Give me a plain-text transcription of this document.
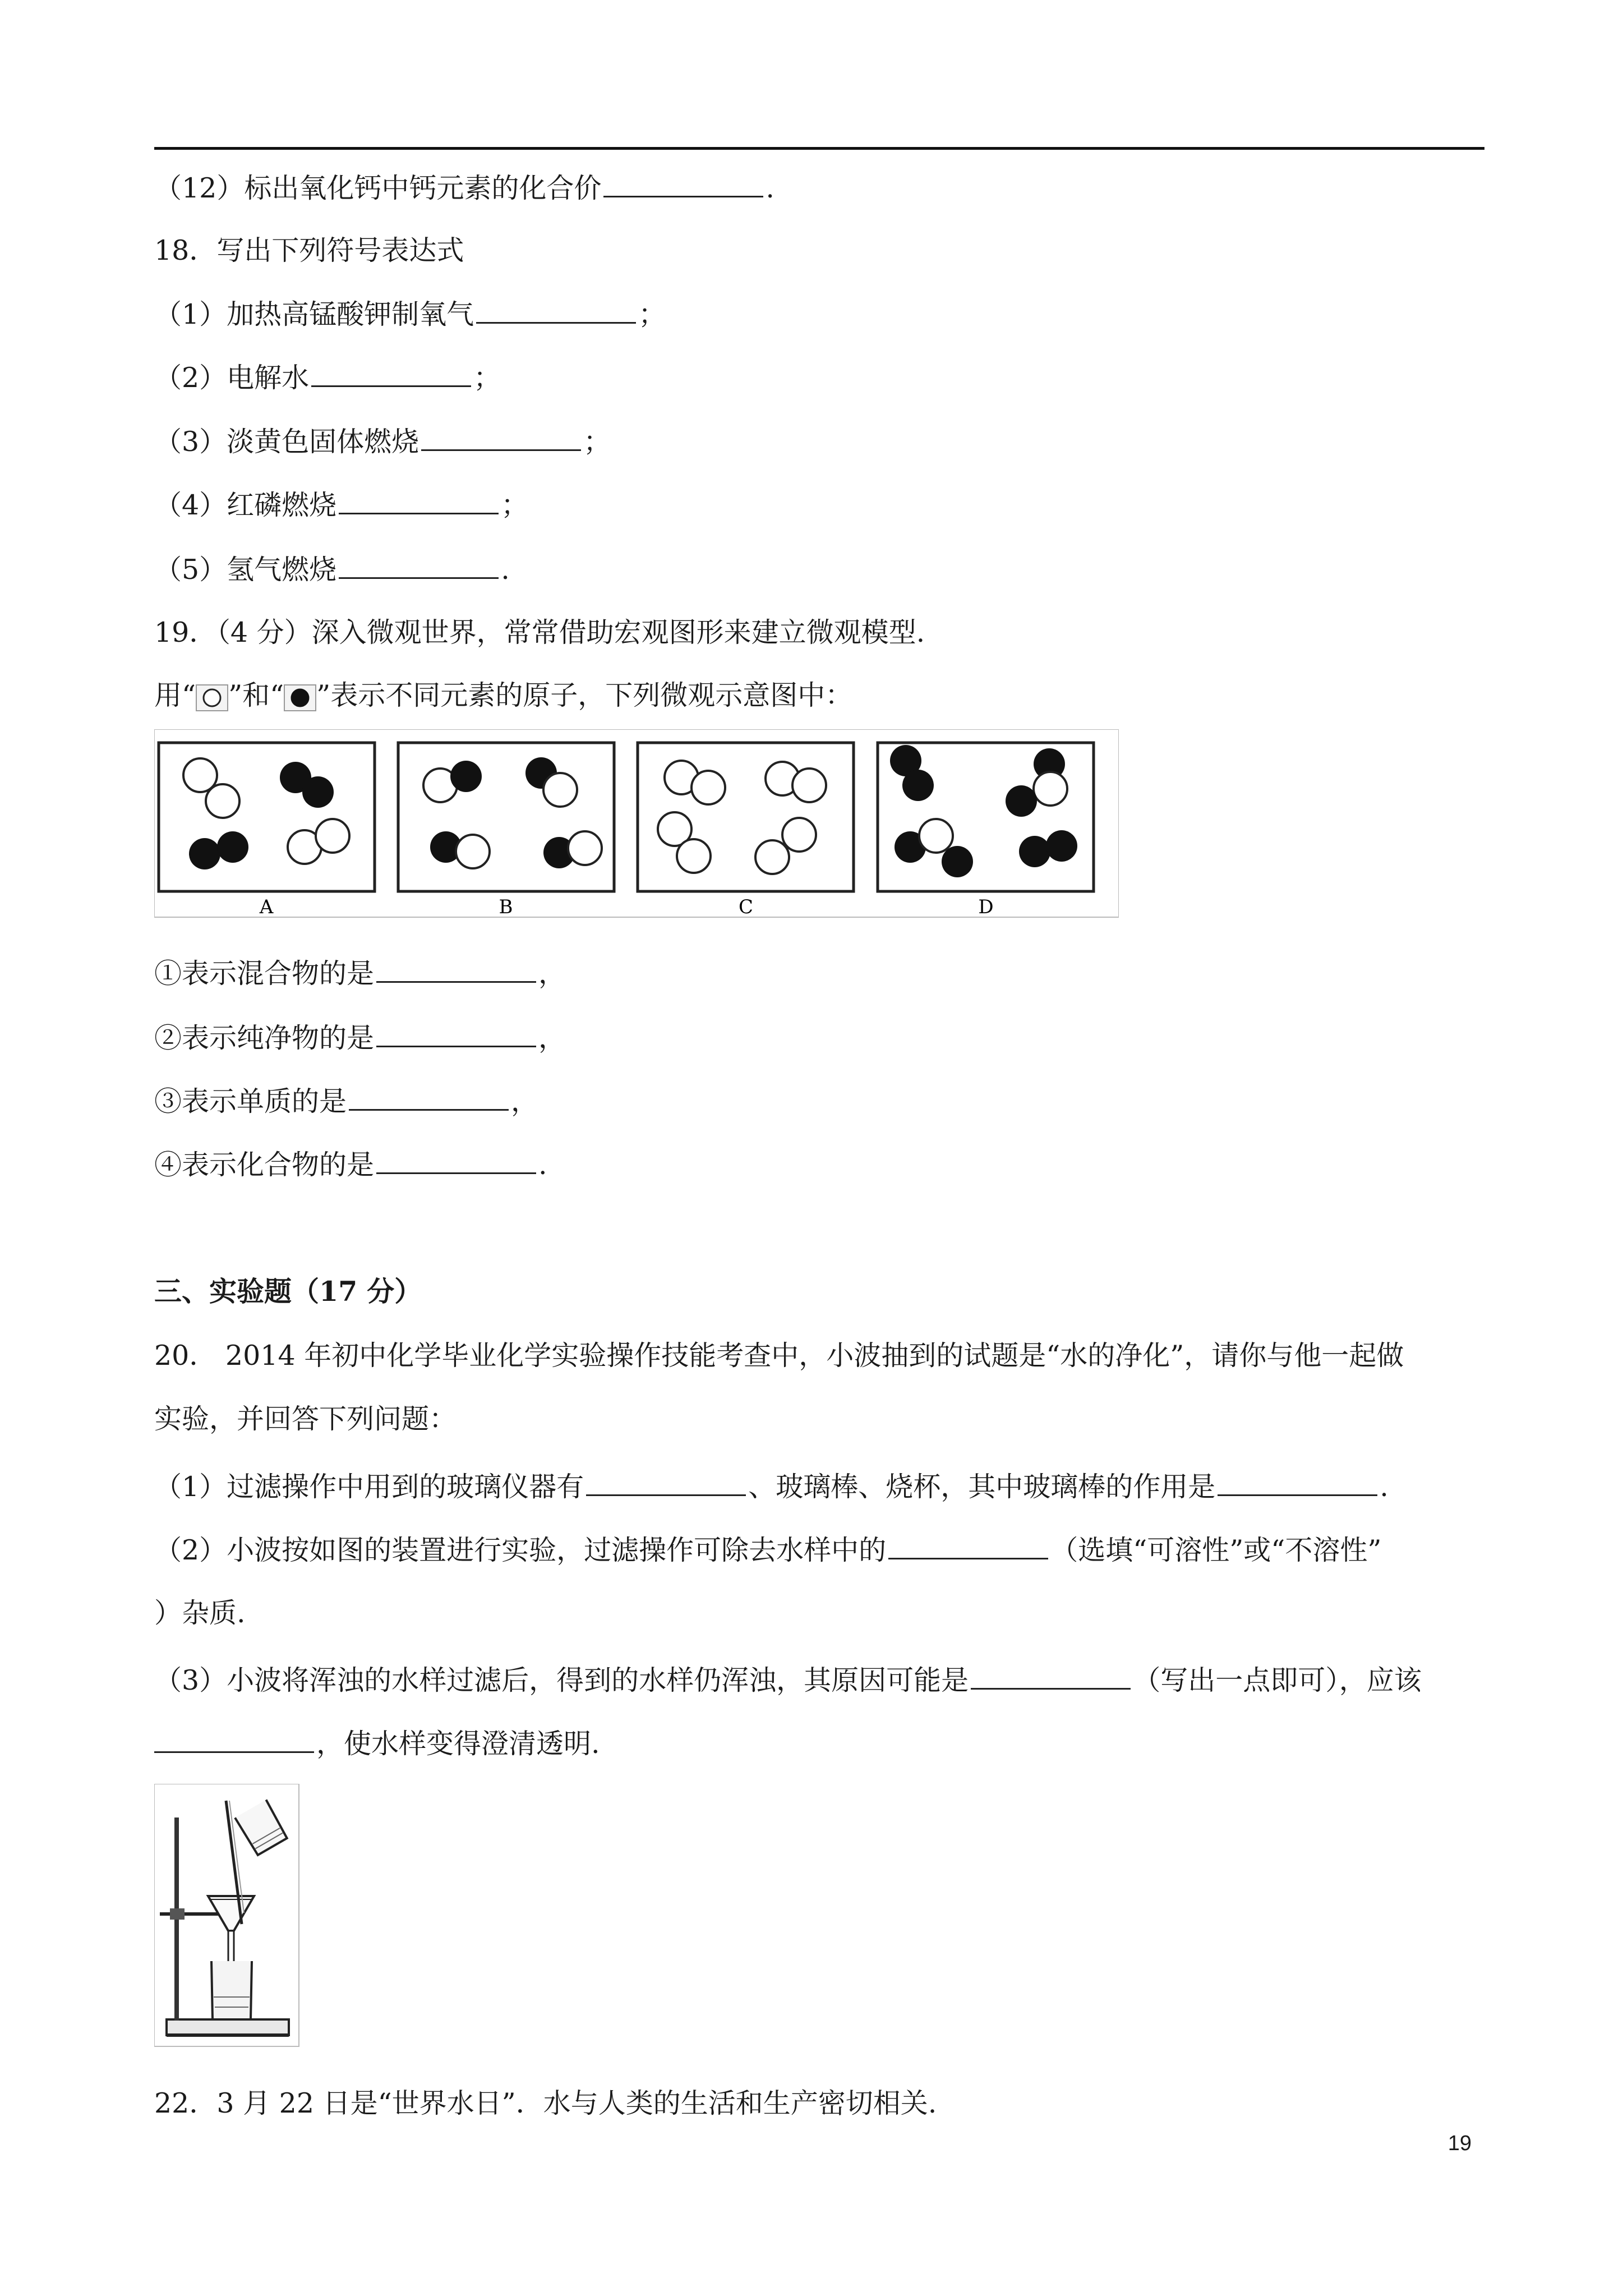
（12）标出氧化钙中钙元素的化合价	.
18．写出下列符号表达式
（1）加热高锰酸钾制氧气	；
（2）电解水	；
（3）淡黄色固体燃烧	；
（4）红磷燃烧	；
（5）氢气燃烧	.
19．（4 分）深入微观世界，常常借助宏观图形来建立微观模型.
用“ ”和“ ”表示不同元素的原子，下列微观示意图中：
A	B	C	D
①表示混合物的是	，
②表示纯净物的是	，
③表示单质的是	，
④表示化合物的是	.
三、实验题（17 分）
20． 2014 年初中化学毕业化学实验操作技能考查中，小波抽到的试题是“水的净化”，请你与他一起做
实验，并回答下列问题：
（1）过滤操作中用到的玻璃仪器有	、玻璃棒、烧杯，其中玻璃棒的作用是	.
（2）小波按如图的装置进行实验，过滤操作可除去水样中的	（选填“可溶性”或“不溶性”
）杂质.
（3）小波将浑浊的水样过滤后，得到的水样仍浑浊，其原因可能是	（写出一点即可），应该
，使水样变得澄清透明.
22．3 月 22 日是“世界水日”．水与人类的生活和生产密切相关.
19
